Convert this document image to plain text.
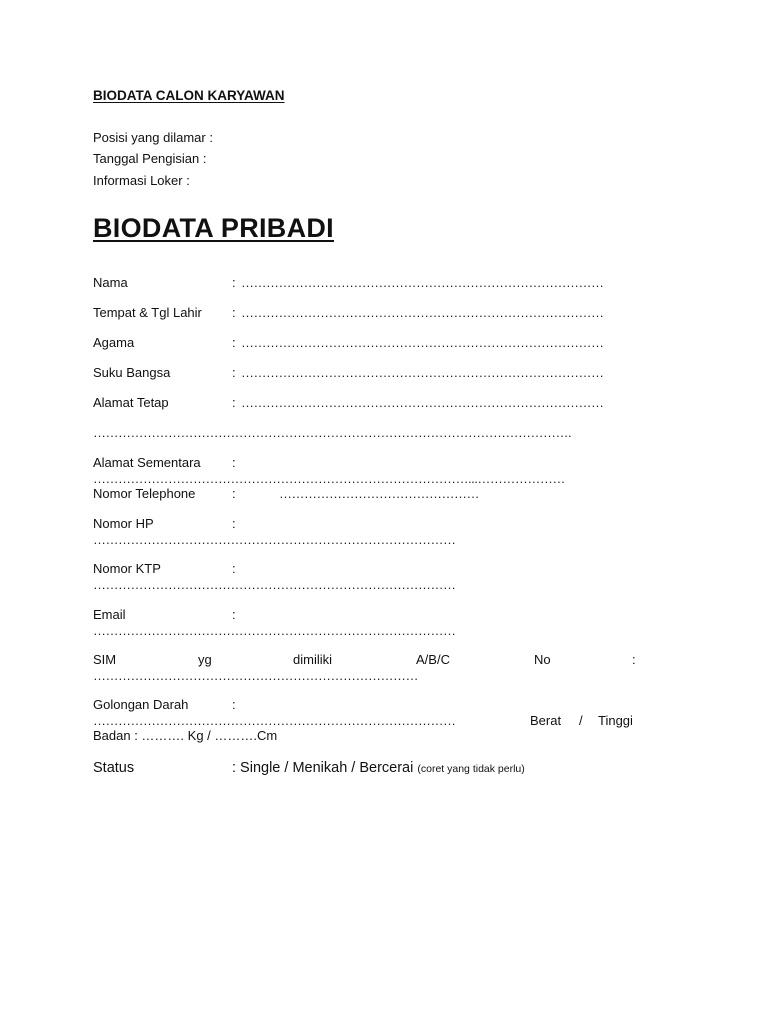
BIODATA CALON KARYAWAN
Posisi yang dilamar :
Tanggal Pengisian :
Informasi Loker :
BIODATA PRIBADI
Nama	: ……………………………………………………………………………
Tempat & Tgl Lahir : ……………………………………………………………………………
Agama	: ……………………………………………………………………………
Suku Bangsa	: ……………………………………………………………………………
Alamat Tetap	: ……………………………………………………………………………
…………………………………………………………………………………………………….
Alamat Sementara :
………………………………………………………………………………...…………………
Nomor Telephone	:	…………………………………………
Nomor HP	:
……………………………………………………………………………
Nomor KTP	:
……………………………………………………………………………
Email	:
……………………………………………………………………………
SIM	yg	dimiliki	A/B/C	No	:
……………………………………………………………………
Golongan Darah	:
……………………………………………………………………………	Berat / Tinggi
Badan : ………. Kg / ……….Cm
Status	: Single / Menikah / Bercerai (coret yang tidak perlu)
